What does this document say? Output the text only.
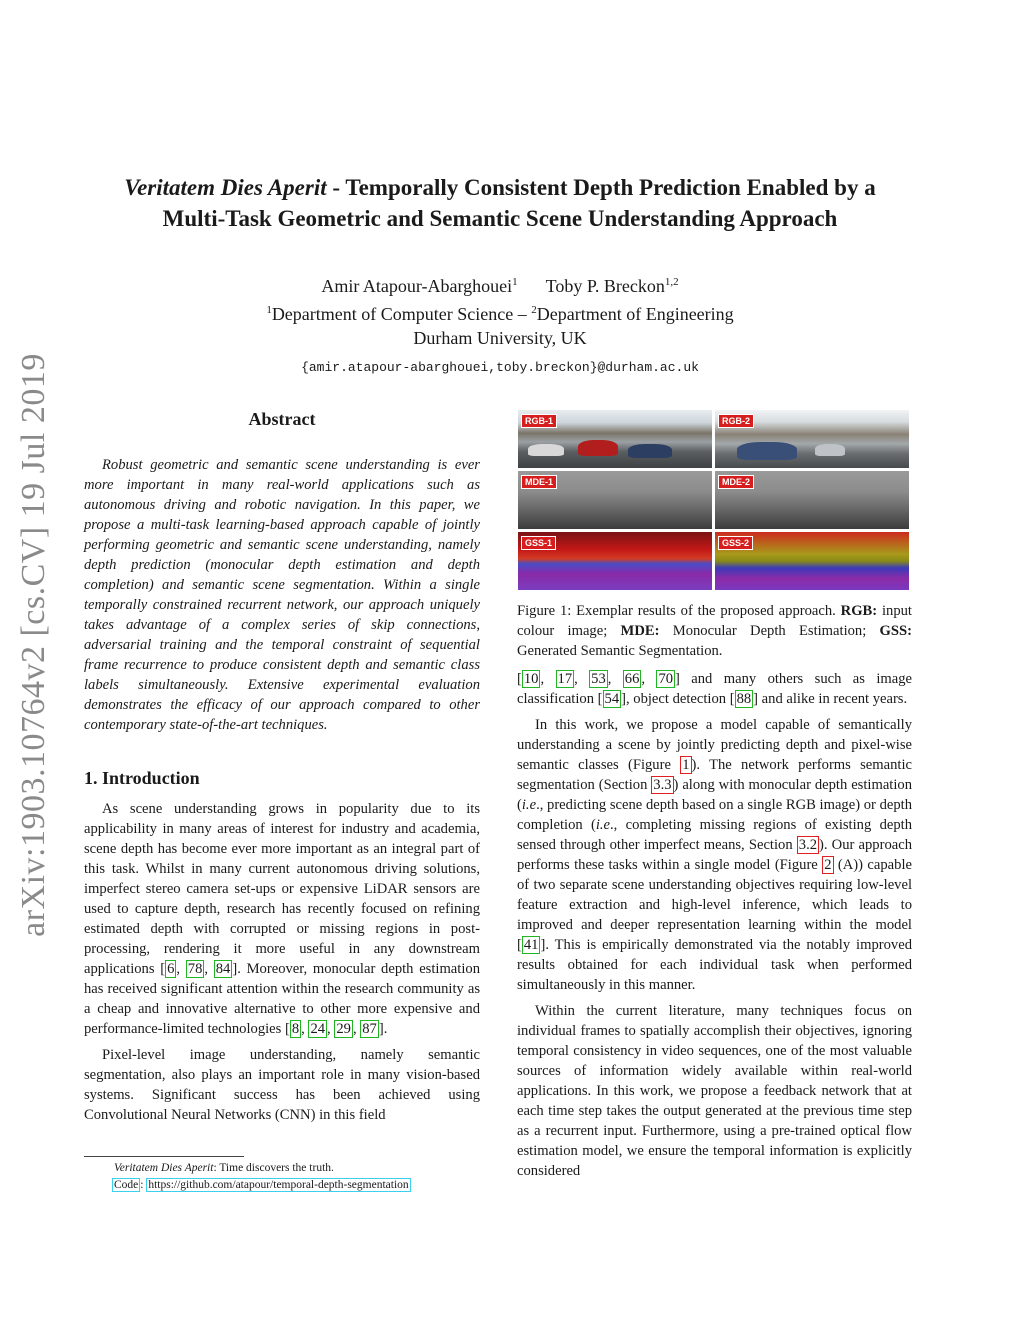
arXiv:1903.10764v2 [cs.CV] 19 Jul 2019
Veritatem Dies Aperit - Temporally Consistent Depth Prediction Enabled by a
Multi-Task Geometric and Semantic Scene Understanding Approach
Amir Atapour-Abarghouei$^1$ Toby P. Breckon$^{1,2}$
$^1$Department of Computer Science – $^2$Department of Engineering
Durham University, UK
{amir.atapour-abarghouei,toby.breckon}@durham.ac.uk
Abstract
Robust geometric and semantic scene understanding is ever more important in many real-world applications such as autonomous driving and robotic navigation. In this paper, we propose a multi-task learning-based approach capable of jointly performing geometric and semantic scene understanding, namely depth prediction (monocular depth estimation and depth completion) and semantic scene segmentation. Within a single temporally constrained recurrent network, our approach uniquely takes advantage of a complex series of skip connections, adversarial training and the temporal constraint of sequential frame recurrence to produce consistent depth and semantic class labels simultaneously. Extensive experimental evaluation demonstrates the efficacy of our approach compared to other contemporary state-of-the-art techniques.
1. Introduction

As scene understanding grows in popularity due to its applicability in many areas of interest for industry and academia, scene depth has become ever more important as an integral part of this task. Whilst in many current autonomous driving solutions, imperfect stereo camera set-ups or expensive LiDAR sensors are used to capture depth, research has recently focused on refining estimated depth with corrupted or missing regions in post-processing, rendering it more useful in any downstream applications [ 6 , 78 , 84 ]. Moreover, monocular depth estimation has received significant attention within the research community as a cheap and innovative alternative to other more expensive and performance-limited technologies [ 8 , 24 , 29 , 87 ].

Pixel-level image understanding, namely semantic segmentation, also plays an important role in many vision-based systems. Significant success has been achieved using Convolutional Neural Networks (CNN) in this field

Veritatem Dies Aperit: Time discovers the truth.
Code : https://github.com/atapour/temporal-depth-segmentation
RGB-1	RGB-2
MDE-1	MDE-2
GSS-1	GSS-2
Figure 1: Exemplar results of the proposed approach. RGB: input colour image; MDE: Monocular Depth Estimation; GSS: Generated Semantic Segmentation.

[ 10 , 17 , 53 , 66 , 70 ] and many others such as image classification [ 54 ], object detection [ 88 ] and alike in recent years.

In this work, we propose a model capable of semantically understanding a scene by jointly predicting depth and pixel-wise semantic classes (Figure 1 ). The network performs semantic segmentation (Section 3.3 ) along with monocular depth estimation (i.e., predicting scene depth based on a single RGB image) or depth completion (i.e., completing missing regions of existing depth sensed through other imperfect means, Section 3.2 ). Our approach performs these tasks within a single model (Figure 2 (A)) capable of two separate scene understanding objectives requiring low-level feature extraction and high-level inference, which leads to improved and deeper representation learning within the model [ 41 ]. This is empirically demonstrated via the notably improved results obtained for each individual task when performed simultaneously in this manner.

Within the current literature, many techniques focus on individual frames to spatially accomplish their objectives, ignoring temporal consistency in video sequences, one of the most valuable sources of information widely available within real-world applications. In this work, we propose a feedback network that at each time step takes the output generated at the previous time step as a recurrent input. Furthermore, using a pre-trained optical flow estimation model, we ensure the temporal information is explicitly considered
